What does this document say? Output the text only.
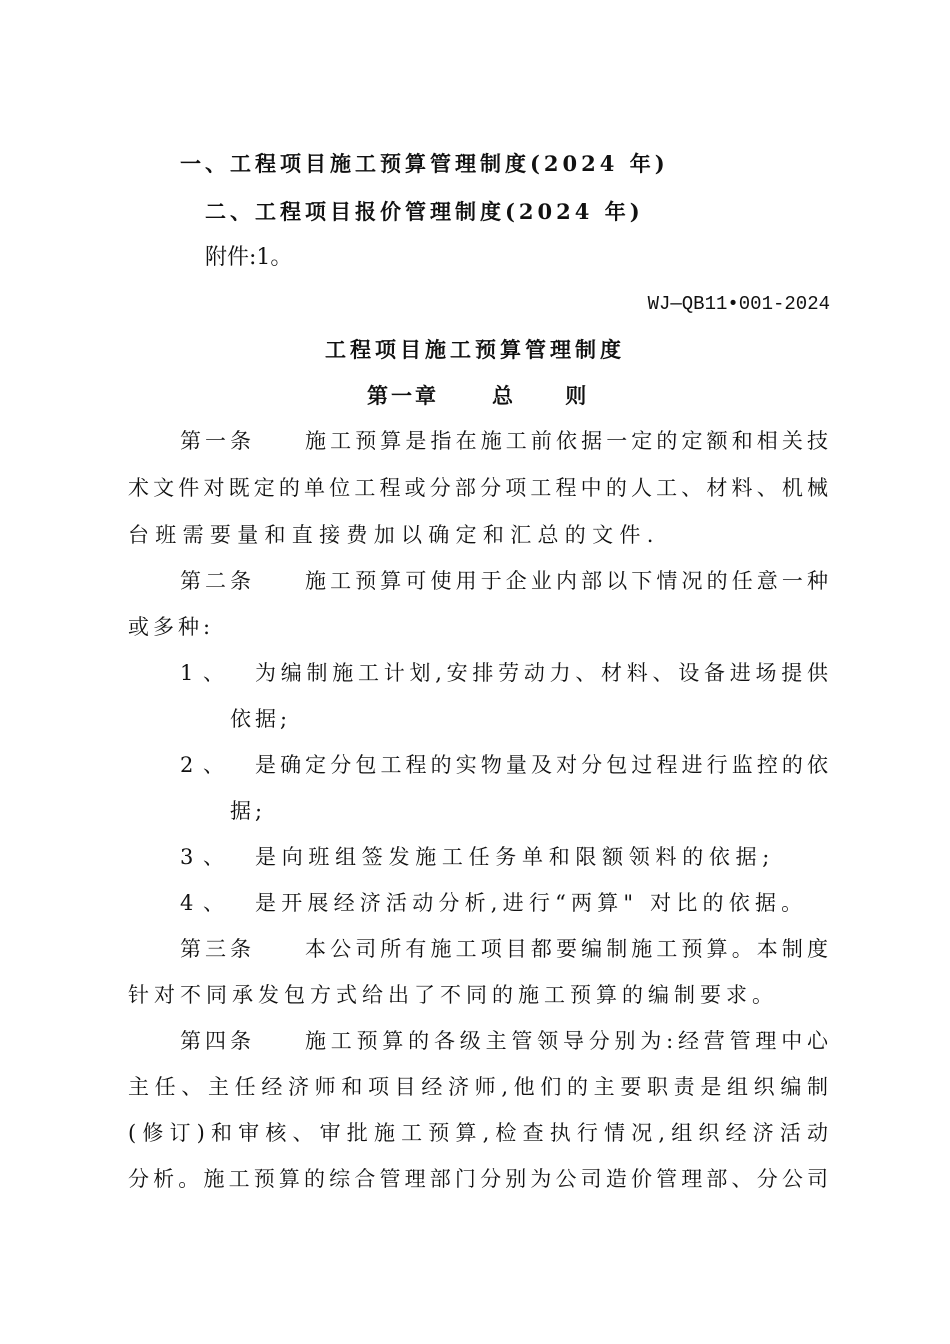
一、工程项目施工预算管理制度(2024 年)
二、工程项目报价管理制度(2024 年)
附件:1。
WJ—QB11•001-2024
工程项目施工预算管理制度
第一章	总 则
第一条 施工预算是指在施工前依据一定的定额和相关技
术文件对既定的单位工程或分部分项工程中的人工、材料、机械
台班需要量和直接费加以确定和汇总的文件.
第二条 施工预算可使用于企业内部以下情况的任意一种
或多种:
1 、 为编制施工计划,安排劳动力、材料、设备进场提供
依据;
2 、 是确定分包工程的实物量及对分包过程进行监控的依
据;
3 、 是向班组签发施工任务单和限额领料的依据;
4 、 是开展经济活动分析,进行“两算" 对比的依据。
第三条 本公司所有施工项目都要编制施工预算。本制度
针对不同承发包方式给出了不同的施工预算的编制要求。
第四条 施工预算的各级主管领导分别为:经营管理中心
主任、主任经济师和项目经济师,他们的主要职责是组织编制
(修订)和审核、审批施工预算,检查执行情况,组织经济活动
分析。施工预算的综合管理部门分别为公司造价管理部、分公司
